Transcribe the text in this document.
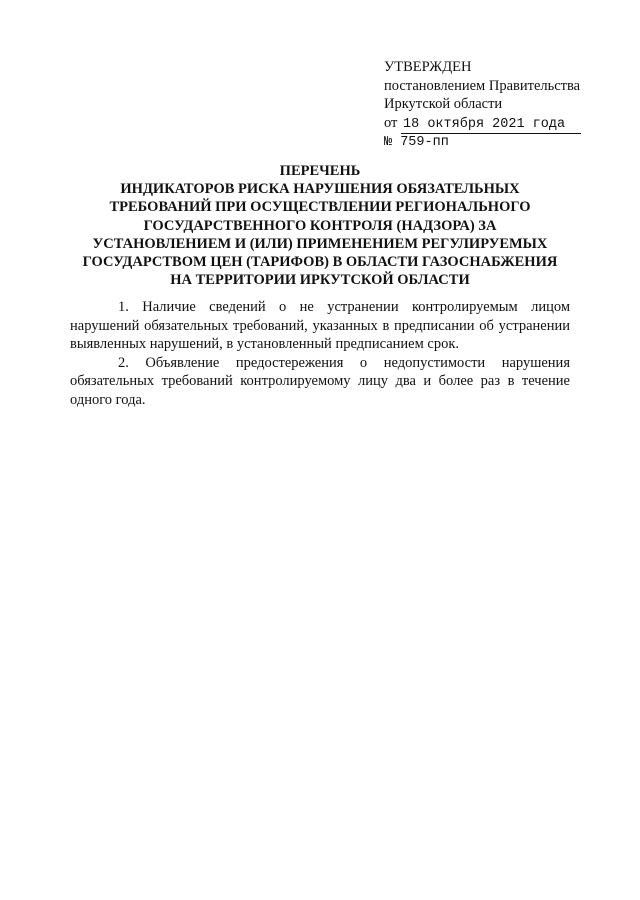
УТВЕРЖДЕН
постановлением Правительства
Иркутской области
от 18 октября 2021 года
№ 759-пп
ПЕРЕЧЕНЬ
ИНДИКАТОРОВ РИСКА НАРУШЕНИЯ ОБЯЗАТЕЛЬНЫХ
ТРЕБОВАНИЙ ПРИ ОСУЩЕСТВЛЕНИИ РЕГИОНАЛЬНОГО
ГОСУДАРСТВЕННОГО КОНТРОЛЯ (НАДЗОРА) ЗА
УСТАНОВЛЕНИЕМ И (ИЛИ) ПРИМЕНЕНИЕМ РЕГУЛИРУЕМЫХ
ГОСУДАРСТВОМ ЦЕН (ТАРИФОВ) В ОБЛАСТИ ГАЗОСНАБЖЕНИЯ
НА ТЕРРИТОРИИ ИРКУТСКОЙ ОБЛАСТИ

1. Наличие сведений о не устранении контролируемым лицом нарушений обязательных требований, указанных в предписании об устранении выявленных нарушений, в установленный предписанием срок.

2. Объявление предостережения о недопустимости нарушения обязательных требований контролируемому лицу два и более раз в течение одного года.
